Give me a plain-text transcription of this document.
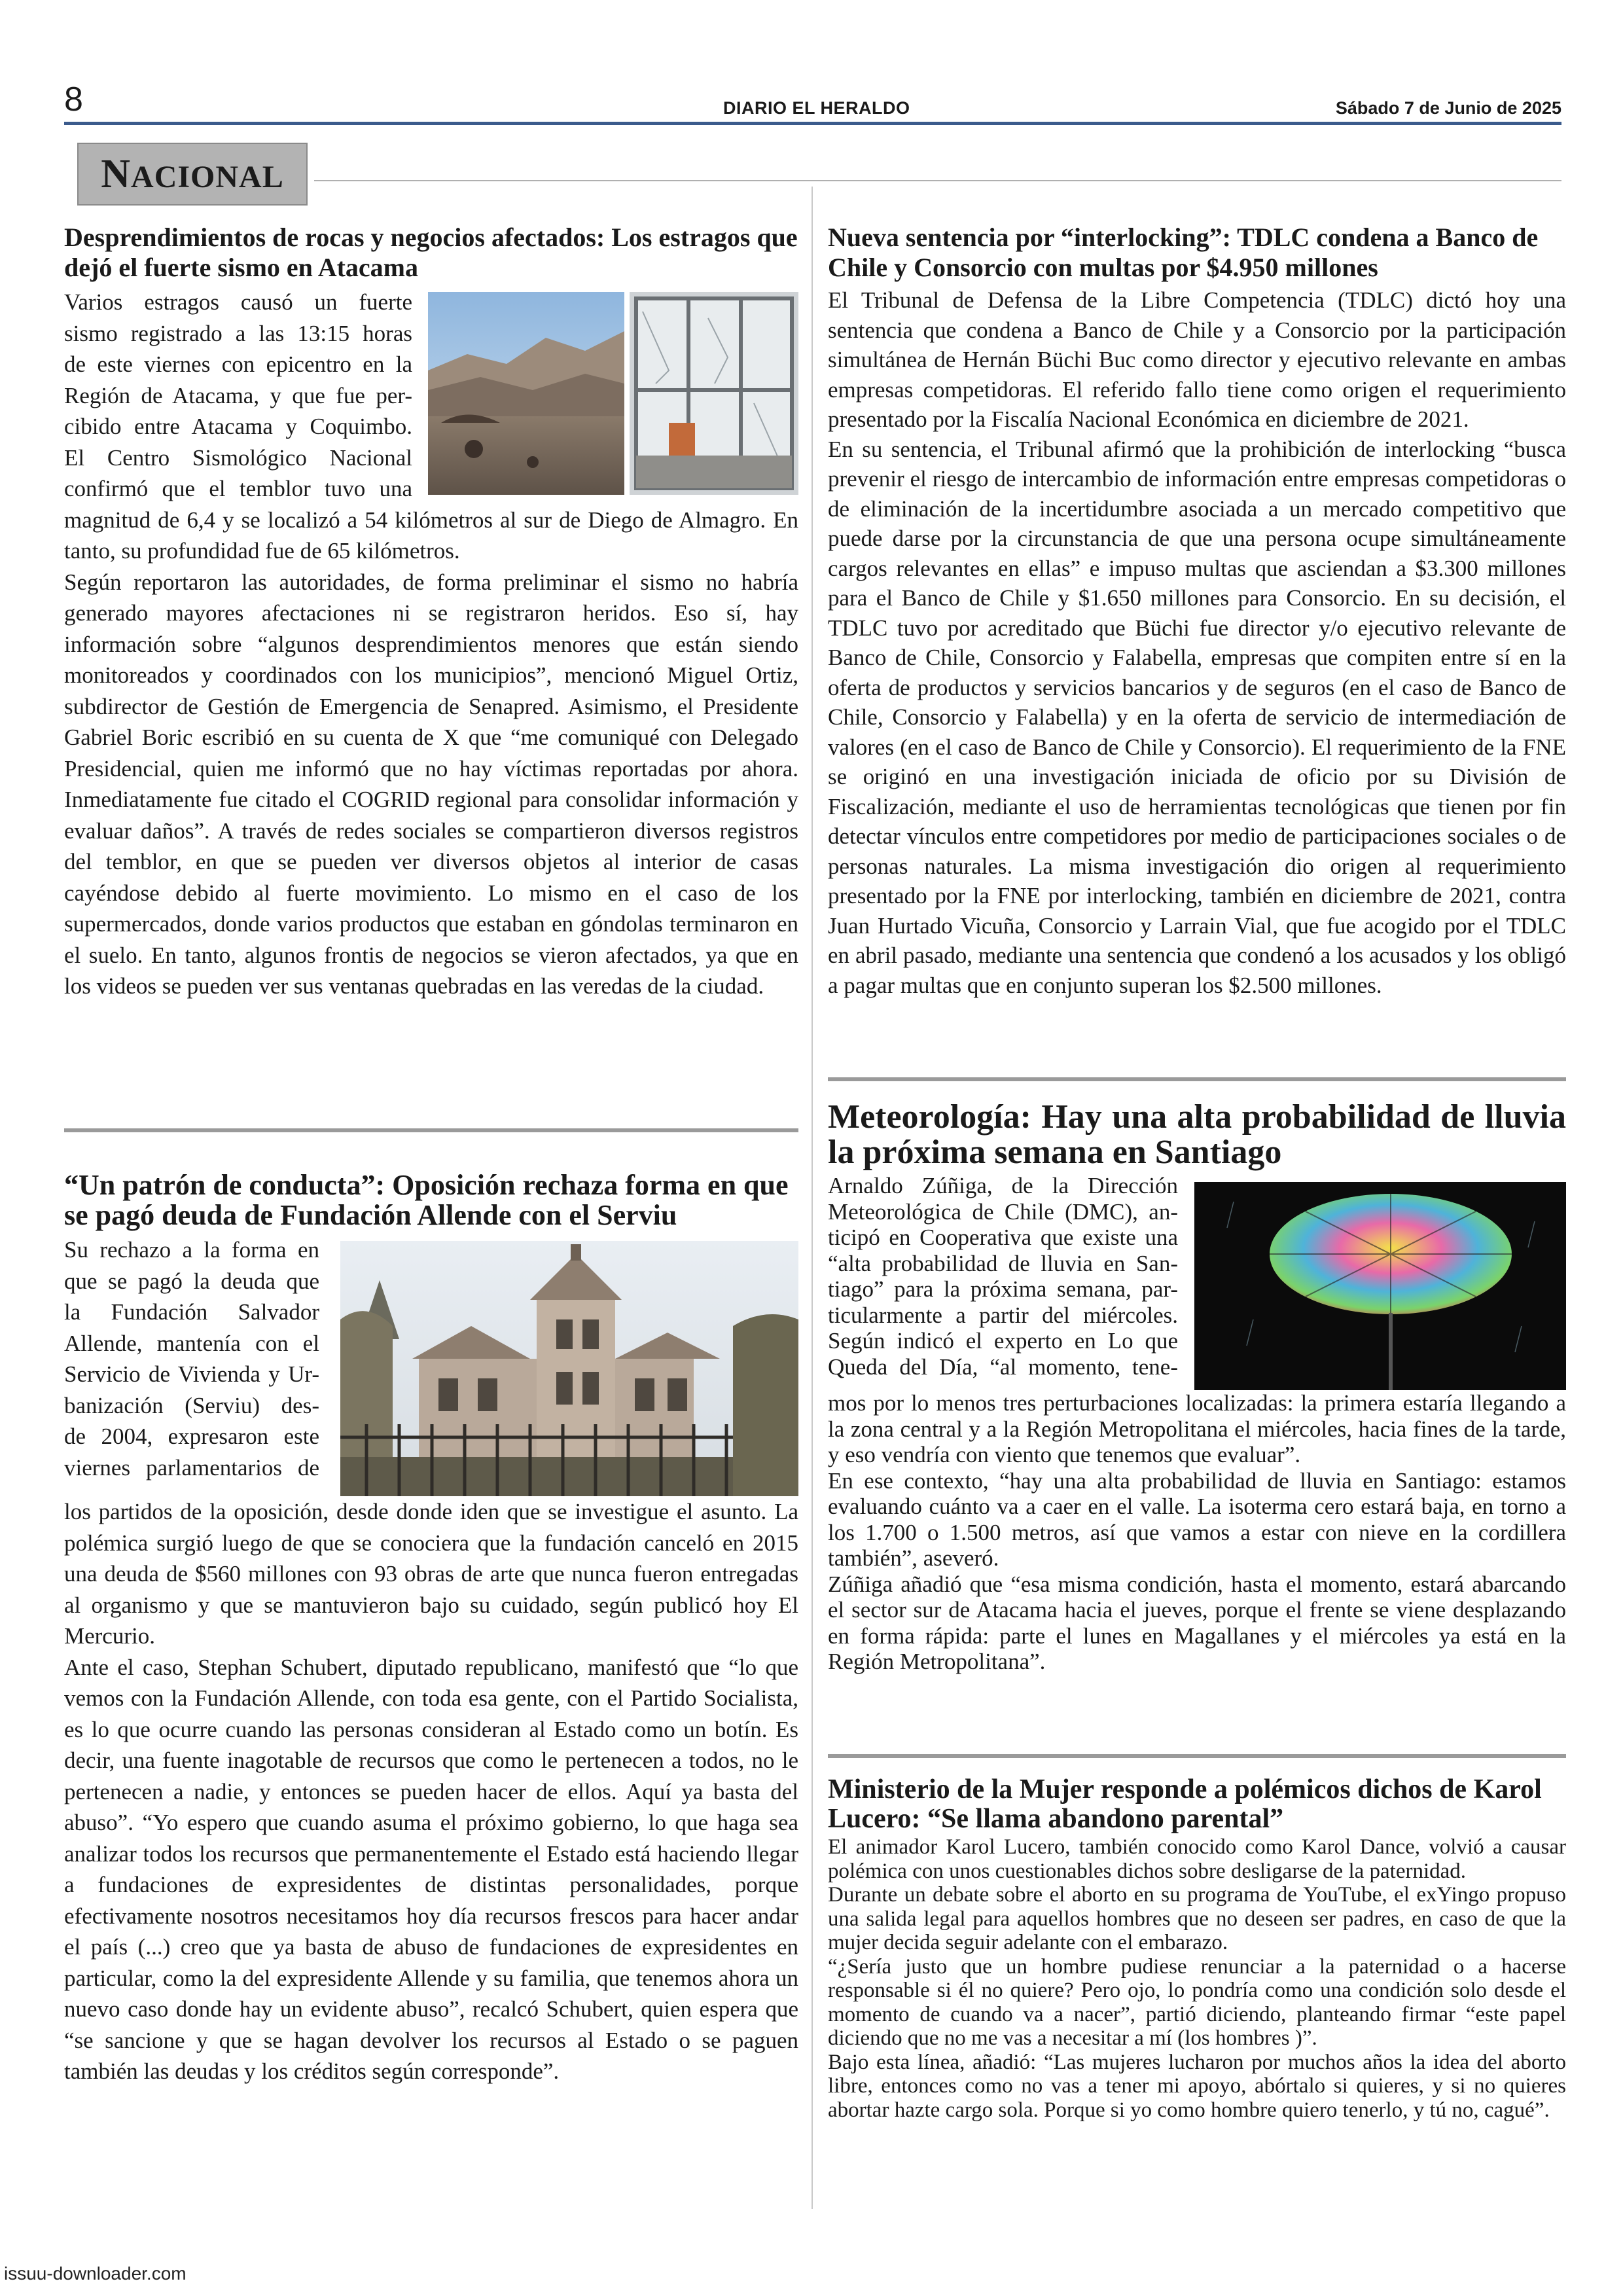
8	DIARIO EL HERALDO	Sábado 7 de Junio de 2025
NACIONAL
Desprendimientos de rocas y negocios afectados: Los estragos que dejó el fuerte sismo en Atacama
Varios estragos causó un fuerte
sismo registrado a las 13:15 horas
de este viernes con epicentro en la
Región de Atacama, y que fue per-
cibido entre Atacama y Coquimbo.
El Centro Sismológico Nacional
confirmó que el temblor tuvo una

magnitud de 6,4 y se localizó a 54 kilómetros al sur de Diego de Almagro. En tanto, su profundidad fue de 65 kilómetros.

Según reportaron las autoridades, de forma preliminar el sismo no habría generado mayores afectaciones ni se registraron heridos. Eso sí, hay información sobre “algunos desprendimientos menores que están siendo monitoreados y coordinados con los municipios”, mencionó Miguel Ortiz, subdirector de Gestión de Emergencia de Senapred. Asimismo, el Presidente Gabriel Boric escribió en su cuenta de X que “me comuniqué con Delegado Presidencial, quien me informó que no hay víctimas reportadas por ahora. Inmediatamente fue citado el COGRID regional para consolidar información y evaluar daños”. A través de redes sociales se compartieron diversos registros del temblor, en que se pueden ver diversos objetos al interior de casas cayéndose debido al fuerte movimiento. Lo mismo en el caso de los supermercados, donde varios productos que estaban en góndolas terminaron en el suelo. En tanto, algunos frontis de negocios se vieron afectados, ya que en los videos se pueden ver sus ventanas quebradas en las veredas de la ciudad.

“Un patrón de conducta”: Oposición rechaza forma en que se pagó deuda de Fundación Allende con el Serviu
Su rechazo a la forma en
que se pagó la deuda que
la Fundación Salvador
Allende, mantenía con el
Servicio de Vivienda y Ur-
banización (Serviu) des-
de 2004, expresaron este
viernes parlamentarios de

los partidos de la oposición, desde donde iden que se investigue el asunto. La polémica surgió luego de que se conociera que la fundación canceló en 2015 una deuda de $560 millones con 93 obras de arte que nunca fueron entregadas al organismo y que se mantuvieron bajo su cuidado, según publicó hoy El Mercurio.

Ante el caso, Stephan Schubert, diputado republicano, manifestó que “lo que vemos con la Fundación Allende, con toda esa gente, con el Partido Socialista, es lo que ocurre cuando las personas consideran al Estado como un botín. Es decir, una fuente inagotable de recursos que como le pertenecen a todos, no le pertenecen a nadie, y entonces se pueden hacer de ellos. Aquí ya basta del abuso”. “Yo espero que cuando asuma el próximo gobierno, lo que haga sea analizar todos los recursos que permanentemente el Estado está haciendo llegar a fundaciones de expresidentes de distintas personalidades, porque efectivamente nosotros necesitamos hoy día recursos frescos para hacer andar el país (...) creo que ya basta de abuso de fundaciones de expresidentes en particular, como la del expresidente Allende y su familia, que tenemos ahora un nuevo caso donde hay un evidente abuso”, recalcó Schubert, quien espera que “se sancione y que se hagan devolver los recursos al Estado o se paguen también las deudas y los créditos según corresponde”.

Nueva sentencia por “interlocking”: TDLC condena a Banco de Chile y Consorcio con multas por $4.950 millones

El Tribunal de Defensa de la Libre Competencia (TDLC) dictó hoy una sentencia que condena a Banco de Chile y a Consorcio por la participación simultánea de Hernán Büchi Buc como director y ejecutivo relevante en ambas empresas competidoras. El referido fallo tiene como origen el requerimiento presentado por la Fiscalía Nacional Económica en diciembre de 2021.

En su sentencia, el Tribunal afirmó que la prohibición de interlocking “busca prevenir el riesgo de intercambio de información entre empresas competidoras o de eliminación de la incertidumbre asociada a un mercado competitivo que puede darse por la circunstancia de que una persona ocupe simultáneamente cargos relevantes en ellas” e impuso multas que asciendan a $3.300 millones para el Banco de Chile y $1.650 millones para Consorcio. En su decisión, el TDLC tuvo por acreditado que Büchi fue director y/o ejecutivo relevante de Banco de Chile, Consorcio y Falabella, empresas que compiten entre sí en la oferta de productos y servicios bancarios y de seguros (en el caso de Banco de Chile, Consorcio y Falabella) y en la oferta de servicio de intermediación de valores (en el caso de Banco de Chile y Consorcio). El requerimiento de la FNE se originó en una investigación iniciada de oficio por su División de Fiscalización, mediante el uso de herramientas tecnológicas que tienen por fin detectar vínculos entre competidores por medio de participaciones sociales o de personas naturales. La misma investigación dio origen al requerimiento presentado por la FNE por interlocking, también en diciembre de 2021, contra Juan Hurtado Vicuña, Consorcio y Larrain Vial, que fue acogido por el TDLC en abril pasado, mediante una sentencia que condenó a los acusados y los obligó a pagar multas que en conjunto superan los $2.500 millones.

Meteorología: Hay una alta probabilidad de lluvia la próxima semana en Santiago
Arnaldo Zúñiga, de la Dirección
Meteorológica de Chile (DMC), an-
ticipó en Cooperativa que existe una
“alta probabilidad de lluvia en San-
tiago” para la próxima semana, par-
ticularmente a partir del miércoles.
Según indicó el experto en Lo que
Queda del Día, “al momento, tene-

mos por lo menos tres perturbaciones localizadas: la primera estaría llegando a la zona central y a la Región Metropolitana el miércoles, hacia fines de la tarde, y eso vendría con viento que tenemos que evaluar”.

En ese contexto, “hay una alta probabilidad de lluvia en Santiago: estamos evaluando cuánto va a caer en el valle. La isoterma cero estará baja, en torno a los 1.700 o 1.500 metros, así que vamos a estar con nieve en la cordillera también”, aseveró.

Zúñiga añadió que “esa misma condición, hasta el momento, estará abarcando el sector sur de Atacama hacia el jueves, porque el frente se viene desplazando en forma rápida: parte el lunes en Magallanes y el miércoles ya está en la Región Metropolitana”.

Ministerio de la Mujer responde a polémicos dichos de Karol Lucero: “Se llama abandono parental”

El animador Karol Lucero, también conocido como Karol Dance, volvió a causar polémica con unos cuestionables dichos sobre desligarse de la paternidad.

Durante un debate sobre el aborto en su programa de YouTube, el exYingo propuso una salida legal para aquellos hombres que no deseen ser padres, en caso de que la mujer decida seguir adelante con el embarazo.

“¿Sería justo que un hombre pudiese renunciar a la paternidad o a hacerse responsable si él no quiere? Pero ojo, lo pondría como una condición solo desde el momento de cuando va a nacer”, partió diciendo, planteando firmar “este papel diciendo que no me vas a necesitar a mí (los hombres )”.

Bajo esta línea, añadió: “Las mujeres lucharon por muchos años la idea del aborto libre, entonces como no vas a tener mi apoyo, abórtalo si quieres, y si no quieres abortar hazte cargo sola. Porque si yo como hombre quiero tenerlo, y tú no, cagué”.

issuu-downloader.com
